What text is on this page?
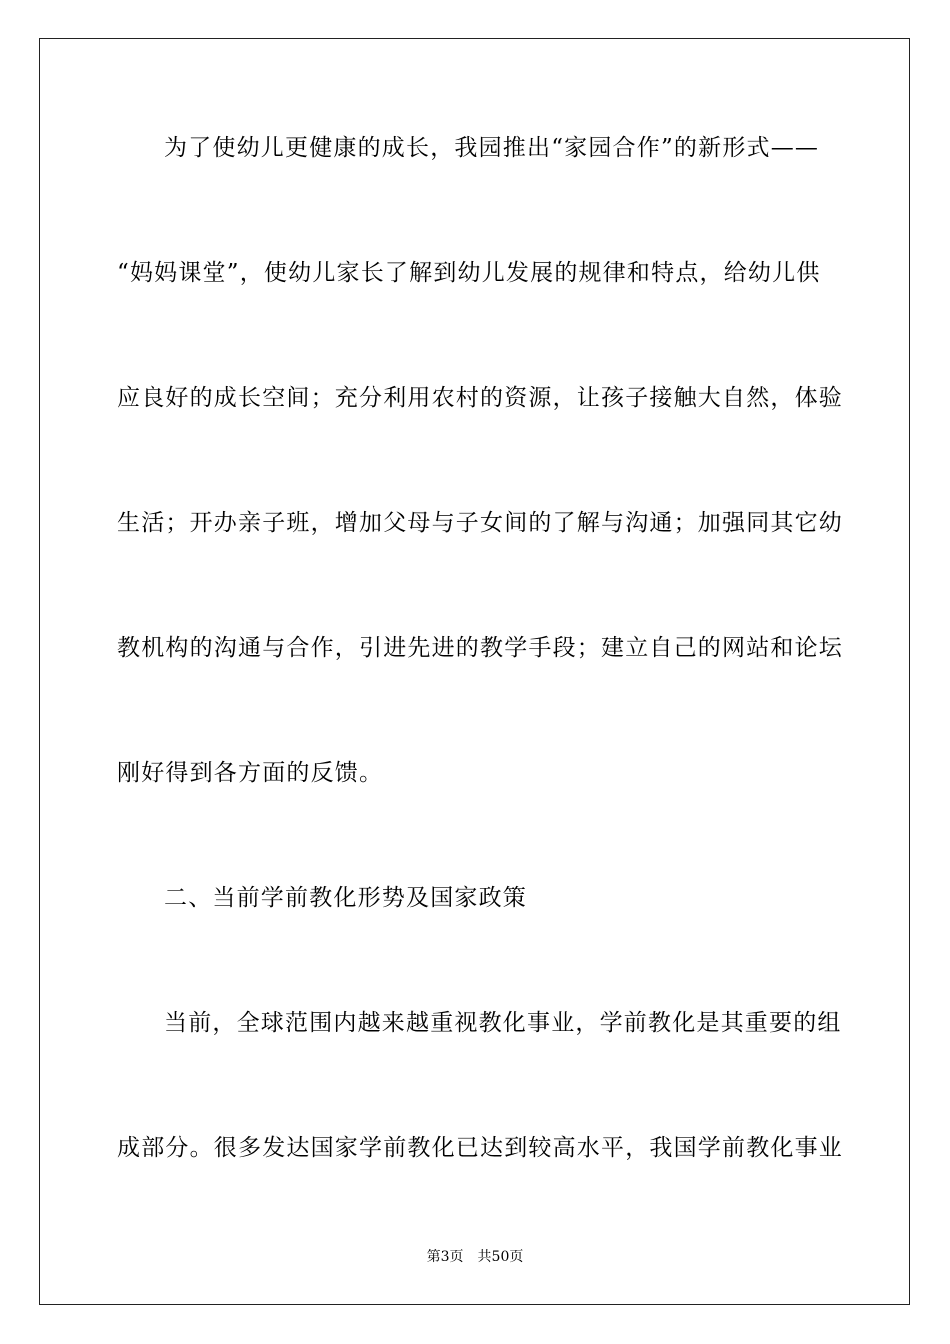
为了使幼儿更健康的成长，我园推出“家园合作”的新形式——
“妈妈课堂”，使幼儿家长了解到幼儿发展的规律和特点，给幼儿供
应良好的成长空间；充分利用农村的资源，让孩子接触大自然，体验
生活；开办亲子班，增加父母与子女间的了解与沟通；加强同其它幼
教机构的沟通与合作，引进先进的教学手段；建立自己的网站和论坛
刚好得到各方面的反馈。
二、当前学前教化形势及国家政策
当前，全球范围内越来越重视教化事业，学前教化是其重要的组
成部分。很多发达国家学前教化已达到较高水平，我国学前教化事业
第3页 共50页
